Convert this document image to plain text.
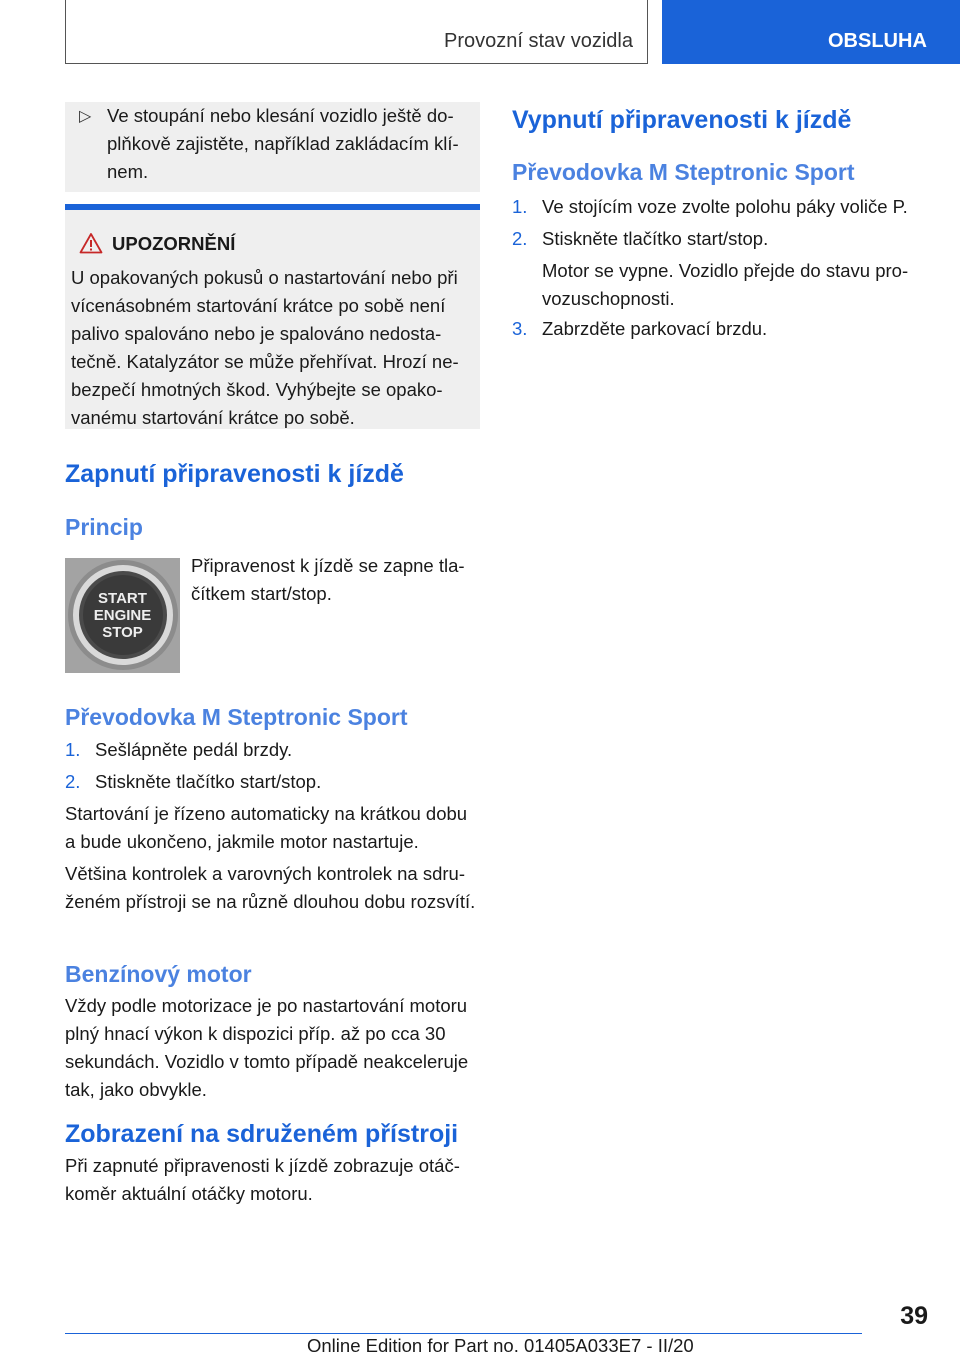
Provozní stav vozidla	OBSLUHA
▷ Ve stoupání nebo klesání vozidlo ještě doplňkově zajistěte, například zakládacím klínem.
UPOZORNĚNÍ
U opakovaných pokusů o nastartování nebo při vícenásobném startování krátce po sobě není palivo spalováno nebo je spalováno nedostatečně. Katalyzátor se může přehřívat. Hrozí nebezpečí hmotných škod. Vyhýbejte se opakovanému startování krátce po sobě.
Zapnutí připravenosti k jízdě
Princip
START
ENGINE
STOP

Připravenost k jízdě se zapne tlačítkem start/stop.

Převodovka M Steptronic Sport
1. Sešlápněte pedál brzdy.
2. Stiskněte tlačítko start/stop.

Startování je řízeno automaticky na krátkou dobu a bude ukončeno, jakmile motor nastartuje.

Většina kontrolek a varovných kontrolek na sdruženém přístroji se na různě dlouhou dobu rozsvítí.

Benzínový motor

Vždy podle motorizace je po nastartování motoru plný hnací výkon k dispozici příp. až po cca 30 sekundách. Vozidlo v tomto případě neakceleruje tak, jako obvykle.

Zobrazení na sdruženém přístroji

Při zapnuté připravenosti k jízdě zobrazuje otáčkoměr aktuální otáčky motoru.

Vypnutí připravenosti k jízdě
Převodovka M Steptronic Sport
1. Ve stojícím voze zvolte polohu páky voliče P.
2. Stiskněte tlačítko start/stop.
Motor se vypne. Vozidlo přejde do stavu provozuschopnosti.
3. Zabrzděte parkovací brzdu.
39
Online Edition for Part no. 01405A033E7 - II/20
